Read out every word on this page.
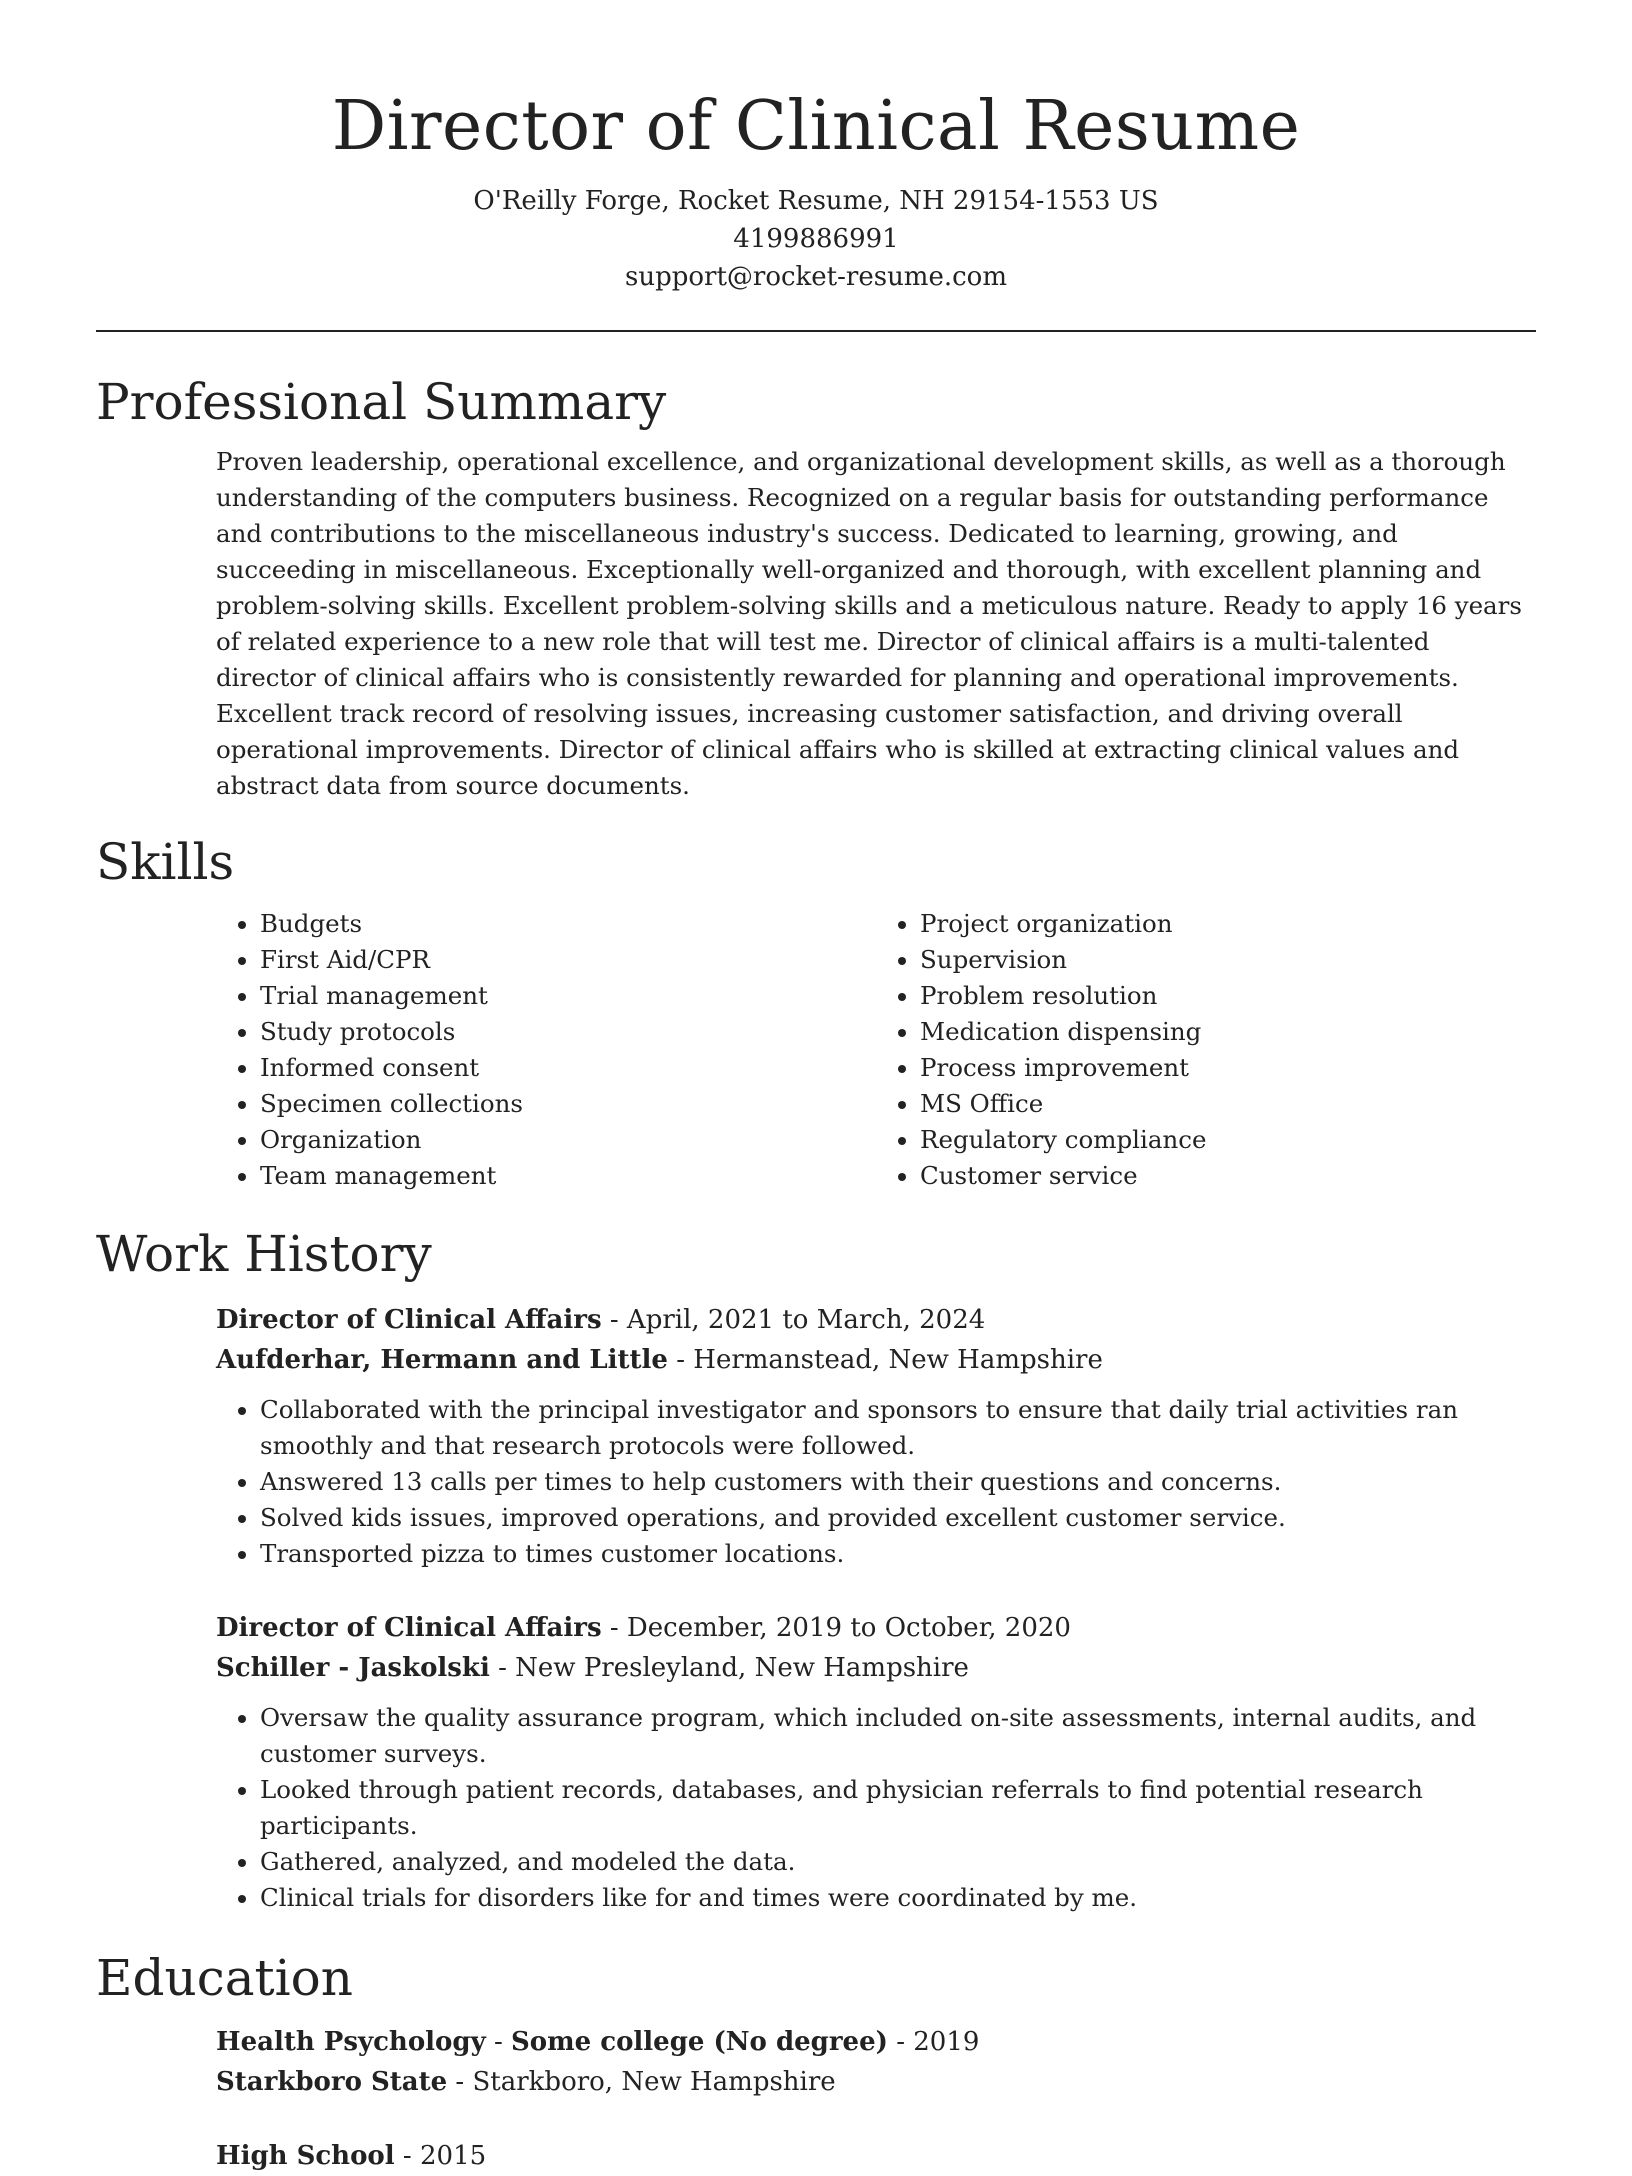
Director of Clinical Resume
O'Reilly Forge, Rocket Resume, NH 29154-1553 US
4199886991
support@rocket-resume.com
Professional Summary

Proven leadership, operational excellence, and organizational development skills, as well as a thorough understanding of the computers business. Recognized on a regular basis for outstanding performance and contributions to the miscellaneous industry's success. Dedicated to learning, growing, and succeeding in miscellaneous. Exceptionally well-organized and thorough, with excellent planning and problem-solving skills. Excellent problem-solving skills and a meticulous nature. Ready to apply 16 years of related experience to a new role that will test me. Director of clinical affairs is a multi-talented director of clinical affairs who is consistently rewarded for planning and operational improvements. Excellent track record of resolving issues, increasing customer satisfaction, and driving overall operational improvements. Director of clinical affairs who is skilled at extracting clinical values and abstract data from source documents.

Skills
• Budgets
• First Aid/CPR
• Trial management
• Study protocols
• Informed consent
• Specimen collections
• Organization
• Team management
• Project organization
• Supervision
• Problem resolution
• Medication dispensing
• Process improvement
• MS Office
• Regulatory compliance
• Customer service
Work History
Director of Clinical Affairs - April, 2021 to March, 2024
Aufderhar, Hermann and Little - Hermanstead, New Hampshire
• Collaborated with the principal investigator and sponsors to ensure that daily trial activities ran smoothly and that research protocols were followed.
• Answered 13 calls per times to help customers with their questions and concerns.
• Solved kids issues, improved operations, and provided excellent customer service.
• Transported pizza to times customer locations.
Director of Clinical Affairs - December, 2019 to October, 2020
Schiller - Jaskolski - New Presleyland, New Hampshire
• Oversaw the quality assurance program, which included on-site assessments, internal audits, and customer surveys.
• Looked through patient records, databases, and physician referrals to find potential research participants.
• Gathered, analyzed, and modeled the data.
• Clinical trials for disorders like for and times were coordinated by me.
Education
Health Psychology - Some college (No degree) - 2019
Starkboro State - Starkboro, New Hampshire
High School - 2015
